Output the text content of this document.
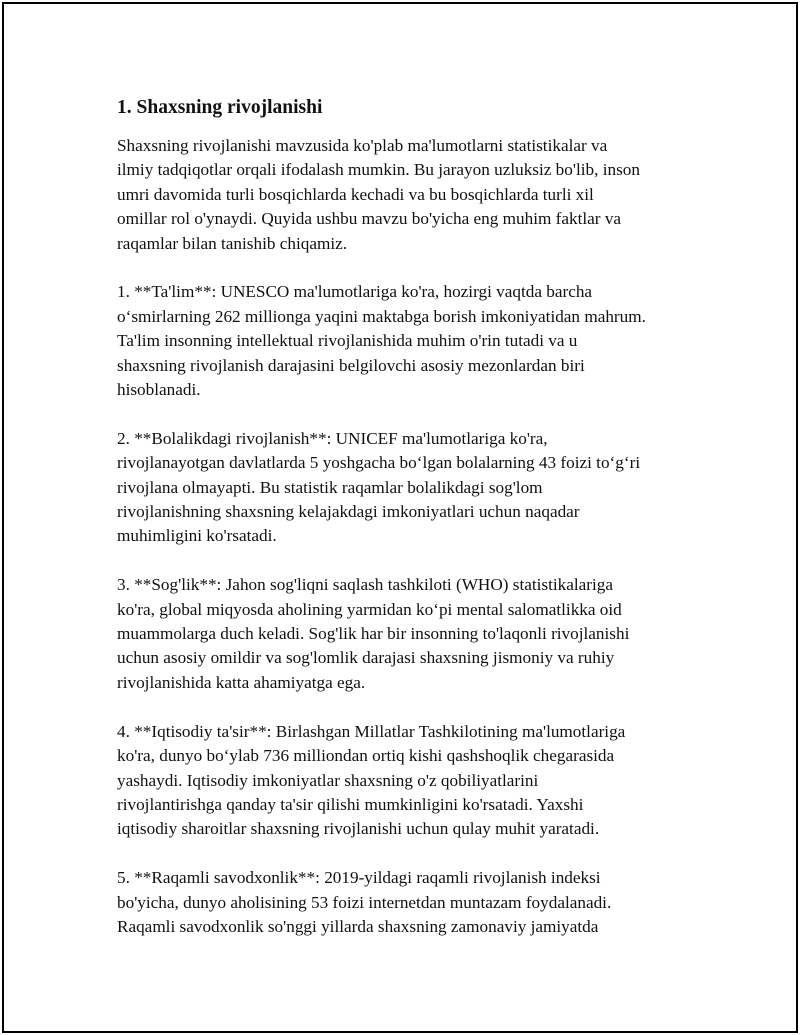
1. Shaxsning rivojlanishi

Shaxsning rivojlanishi mavzusida ko'plab ma'lumotlarni statistikalar va
ilmiy tadqiqotlar orqali ifodalash mumkin. Bu jarayon uzluksiz bo'lib, inson
umri davomida turli bosqichlarda kechadi va bu bosqichlarda turli xil
omillar rol o'ynaydi. Quyida ushbu mavzu bo'yicha eng muhim faktlar va
raqamlar bilan tanishib chiqamiz.

1. **Ta'lim**: UNESCO ma'lumotlariga ko'ra, hozirgi vaqtda barcha
o‘smirlarning 262 millionga yaqini maktabga borish imkoniyatidan mahrum.
Ta'lim insonning intellektual rivojlanishida muhim o'rin tutadi va u
shaxsning rivojlanish darajasini belgilovchi asosiy mezonlardan biri
hisoblanadi.

2. **Bolalikdagi rivojlanish**: UNICEF ma'lumotlariga ko'ra,
rivojlanayotgan davlatlarda 5 yoshgacha bo‘lgan bolalarning 43 foizi to‘g‘ri
rivojlana olmayapti. Bu statistik raqamlar bolalikdagi sog'lom
rivojlanishning shaxsning kelajakdagi imkoniyatlari uchun naqadar
muhimligini ko'rsatadi.

3. **Sog'lik**: Jahon sog'liqni saqlash tashkiloti (WHO) statistikalariga
ko'ra, global miqyosda aholining yarmidan ko‘pi mental salomatlikka oid
muammolarga duch keladi. Sog'lik har bir insonning to'laqonli rivojlanishi
uchun asosiy omildir va sog'lomlik darajasi shaxsning jismoniy va ruhiy
rivojlanishida katta ahamiyatga ega.

4. **Iqtisodiy ta'sir**: Birlashgan Millatlar Tashkilotining ma'lumotlariga
ko'ra, dunyo bo‘ylab 736 milliondan ortiq kishi qashshoqlik chegarasida
yashaydi. Iqtisodiy imkoniyatlar shaxsning o'z qobiliyatlarini
rivojlantirishga qanday ta'sir qilishi mumkinligini ko'rsatadi. Yaxshi
iqtisodiy sharoitlar shaxsning rivojlanishi uchun qulay muhit yaratadi.

5. **Raqamli savodxonlik**: 2019-yildagi raqamli rivojlanish indeksi
bo'yicha, dunyo aholisining 53 foizi internetdan muntazam foydalanadi.
Raqamli savodxonlik so'nggi yillarda shaxsning zamonaviy jamiyatda
